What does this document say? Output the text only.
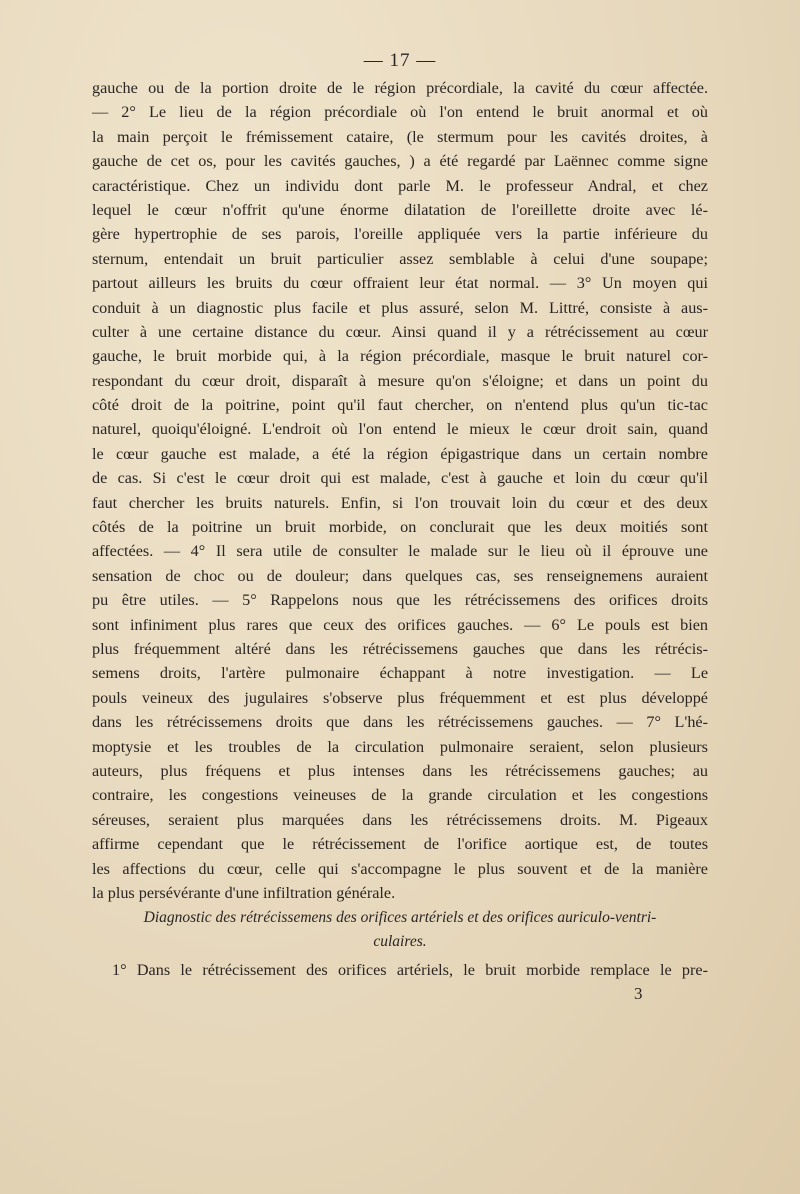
— 17 —
gauche ou de la portion droite de le région précordiale, la cavité du cœur affectée.
— 2° Le lieu de la région précordiale où l'on entend le bruit anormal et où
la main perçoit le frémissement cataire, (le stermum pour les cavités droites, à
gauche de cet os, pour les cavités gauches, ) a été regardé par Laënnec comme signe
caractéristique. Chez un individu dont parle M. le professeur Andral, et chez
lequel le cœur n'offrit qu'une énorme dilatation de l'oreillette droite avec lé-
gère hypertrophie de ses parois, l'oreille appliquée vers la partie inférieure du
sternum, entendait un bruit particulier assez semblable à celui d'une soupape;
partout ailleurs les bruits du cœur offraient leur état normal. — 3° Un moyen qui
conduit à un diagnostic plus facile et plus assuré, selon M. Littré, consiste à aus-
culter à une certaine distance du cœur. Ainsi quand il y a rétrécissement au cœur
gauche, le bruit morbide qui, à la région précordiale, masque le bruit naturel cor-
respondant du cœur droit, disparaît à mesure qu'on s'éloigne; et dans un point du
côté droit de la poitrine, point qu'il faut chercher, on n'entend plus qu'un tic-tac
naturel, quoiqu'éloigné. L'endroit où l'on entend le mieux le cœur droit sain, quand
le cœur gauche est malade, a été la région épigastrique dans un certain nombre
de cas. Si c'est le cœur droit qui est malade, c'est à gauche et loin du cœur qu'il
faut chercher les bruits naturels. Enfin, si l'on trouvait loin du cœur et des deux
côtés de la poitrine un bruit morbide, on conclurait que les deux moitiés sont
affectées. — 4° Il sera utile de consulter le malade sur le lieu où il éprouve une
sensation de choc ou de douleur; dans quelques cas, ses renseignemens auraient
pu être utiles. — 5° Rappelons nous que les rétrécissemens des orifices droits
sont infiniment plus rares que ceux des orifices gauches. — 6° Le pouls est bien
plus fréquemment altéré dans les rétrécissemens gauches que dans les rétrécis-
semens droits, l'artère pulmonaire échappant à notre investigation. — Le
pouls veineux des jugulaires s'observe plus fréquemment et est plus développé
dans les rétrécissemens droits que dans les rétrécissemens gauches. — 7° L'hé-
moptysie et les troubles de la circulation pulmonaire seraient, selon plusieurs
auteurs, plus fréquens et plus intenses dans les rétrécissemens gauches; au
contraire, les congestions veineuses de la grande circulation et les congestions
séreuses, seraient plus marquées dans les rétrécissemens droits. M. Pigeaux
affirme cependant que le rétrécissement de l'orifice aortique est, de toutes
les affections du cœur, celle qui s'accompagne le plus souvent et de la manière
la plus persévérante d'une infiltration générale.
Diagnostic des rétrécissemens des orifices artériels et des orifices auriculo-ventri-
culaires.
1° Dans le rétrécissement des orifices artériels, le bruit morbide remplace le pre-
3
